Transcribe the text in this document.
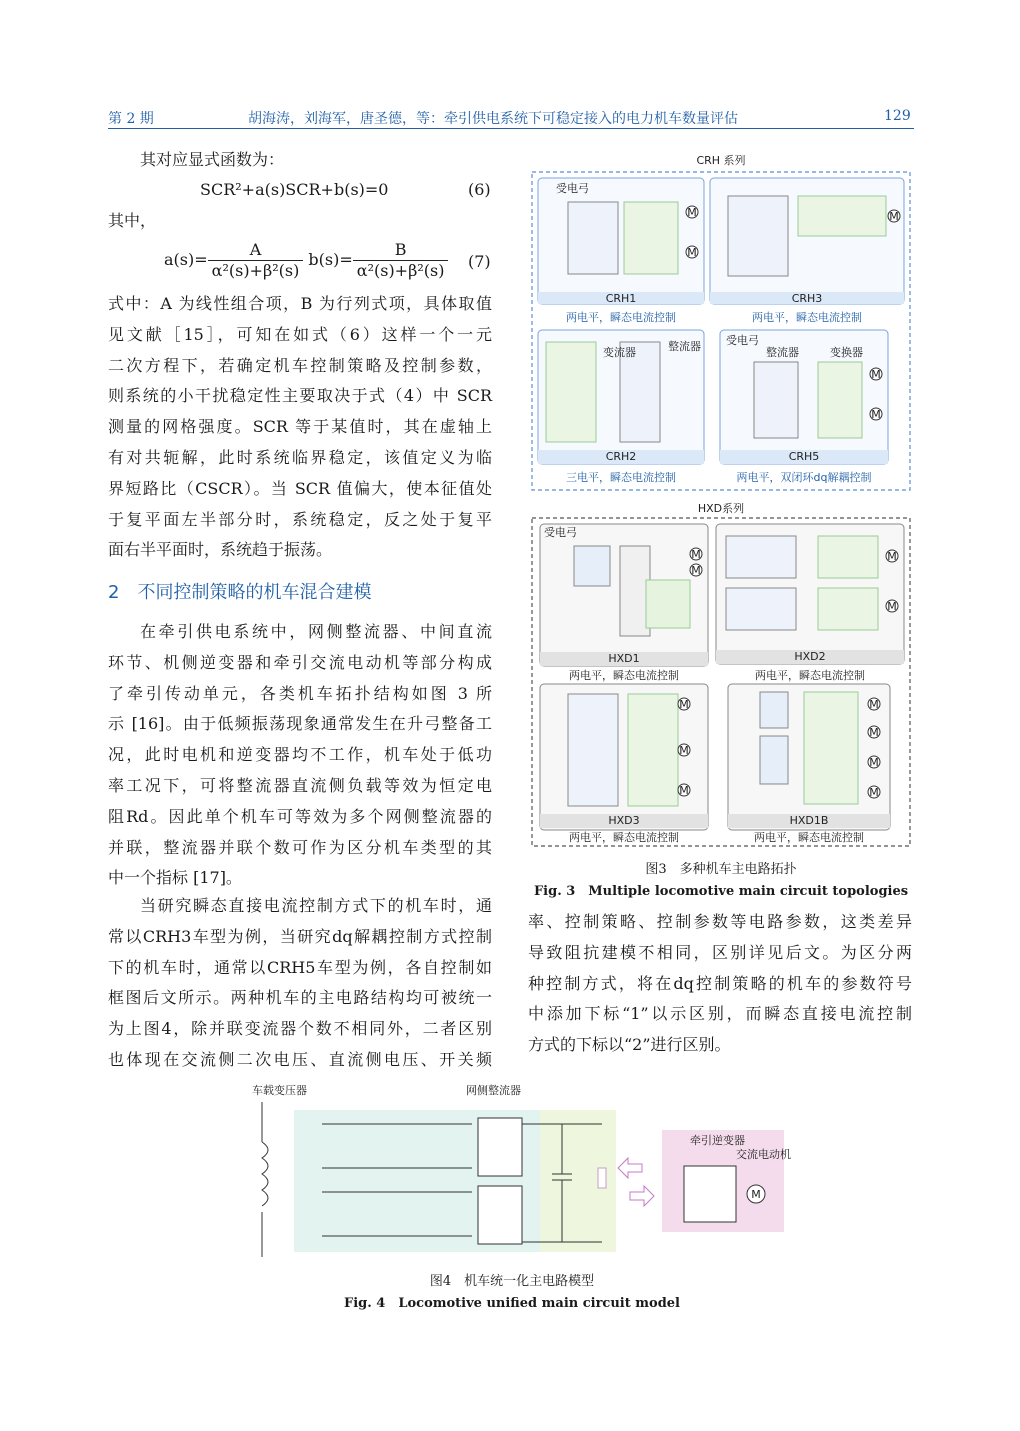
第 2 期	胡海涛，刘海军，唐圣德，等：牵引供电系统下可稳定接入的电力机车数量评估	129
其对应显式函数为：
SCR²+a(s)SCR+b(s)=0	(6)
其中，
$a(s)= \frac{A}{\text{α²(s)+β²(s)}} b(s)= \frac{B}{\text{α²(s)+β²(s)}} (7)$

式中：A 为线性组合项，B 为行列式项，具体取值

见文献［15］，可知在如式（6）这样一个一元

二次方程下，若确定机车控制策略及控制参数，

则系统的小干扰稳定性主要取决于式（4）中 SCR

测量的网格强度。SCR 等于某值时，其在虚轴上

有对共轭解，此时系统临界稳定，该值定义为临

界短路比（CSCR）。当 SCR 值偏大，使本征值处

于复平面左半部分时，系统稳定，反之处于复平

面右半平面时，系统趋于振荡。

2　不同控制策略的机车混合建模

在牵引供电系统中，网侧整流器、中间直流

环节、机侧逆变器和牵引交流电动机等部分构成

了牵引传动单元，各类机车拓扑结构如图 3 所

示 [16]。由于低频振荡现象通常发生在升弓整备工

况，此时电机和逆变器均不工作，机车处于低功

率工况下，可将整流器直流侧负载等效为恒定电

阻Rd。因此单个机车可等效为多个网侧整流器的

并联，整流器并联个数可作为区分机车类型的其

中一个指标 [17]。

当研究瞬态直接电流控制方式下的机车时，通

常以CRH3车型为例，当研究dq解耦控制方式控制

下的机车时，通常以CRH5车型为例，各自控制如

框图后文所示。两种机车的主电路结构均可被统一

为上图4，除并联变流器个数不相同外，二者区别

也体现在交流侧二次电压、直流侧电压、开关频

率、控制策略、控制参数等电路参数，这类差异

导致阻抗建模不相同，区别详见后文。为区分两

种控制方式，将在dq控制策略的机车的参数符号

中添加下标“1”以示区别，而瞬态直接电流控制

方式的下标以“2”进行区别。

CRH 系列
CRH1
两电平，瞬态电流控制
受电弓
M
M
CRH3
两电平，瞬态电流控制
M
CRH2
三电平，瞬态电流控制
变流器	整流器
CRH5
两电平，双闭环dq解耦控制
受电弓
整流器	变换器
M
M
HXD系列
HXD1
两电平，瞬态电流控制
受电弓
M
M
HXD2
两电平，瞬态电流控制
M
M
HXD3
两电平，瞬态电流控制
M
M
M
HXD1B
两电平，瞬态电流控制
M
M
M
M
图3　多种机车主电路拓扑
Fig. 3　Multiple locomotive main circuit topologies
车载变压器	网侧整流器
牵引逆变器
交流电动机
M
图4　机车统一化主电路模型
Fig. 4　Locomotive unified main circuit model
